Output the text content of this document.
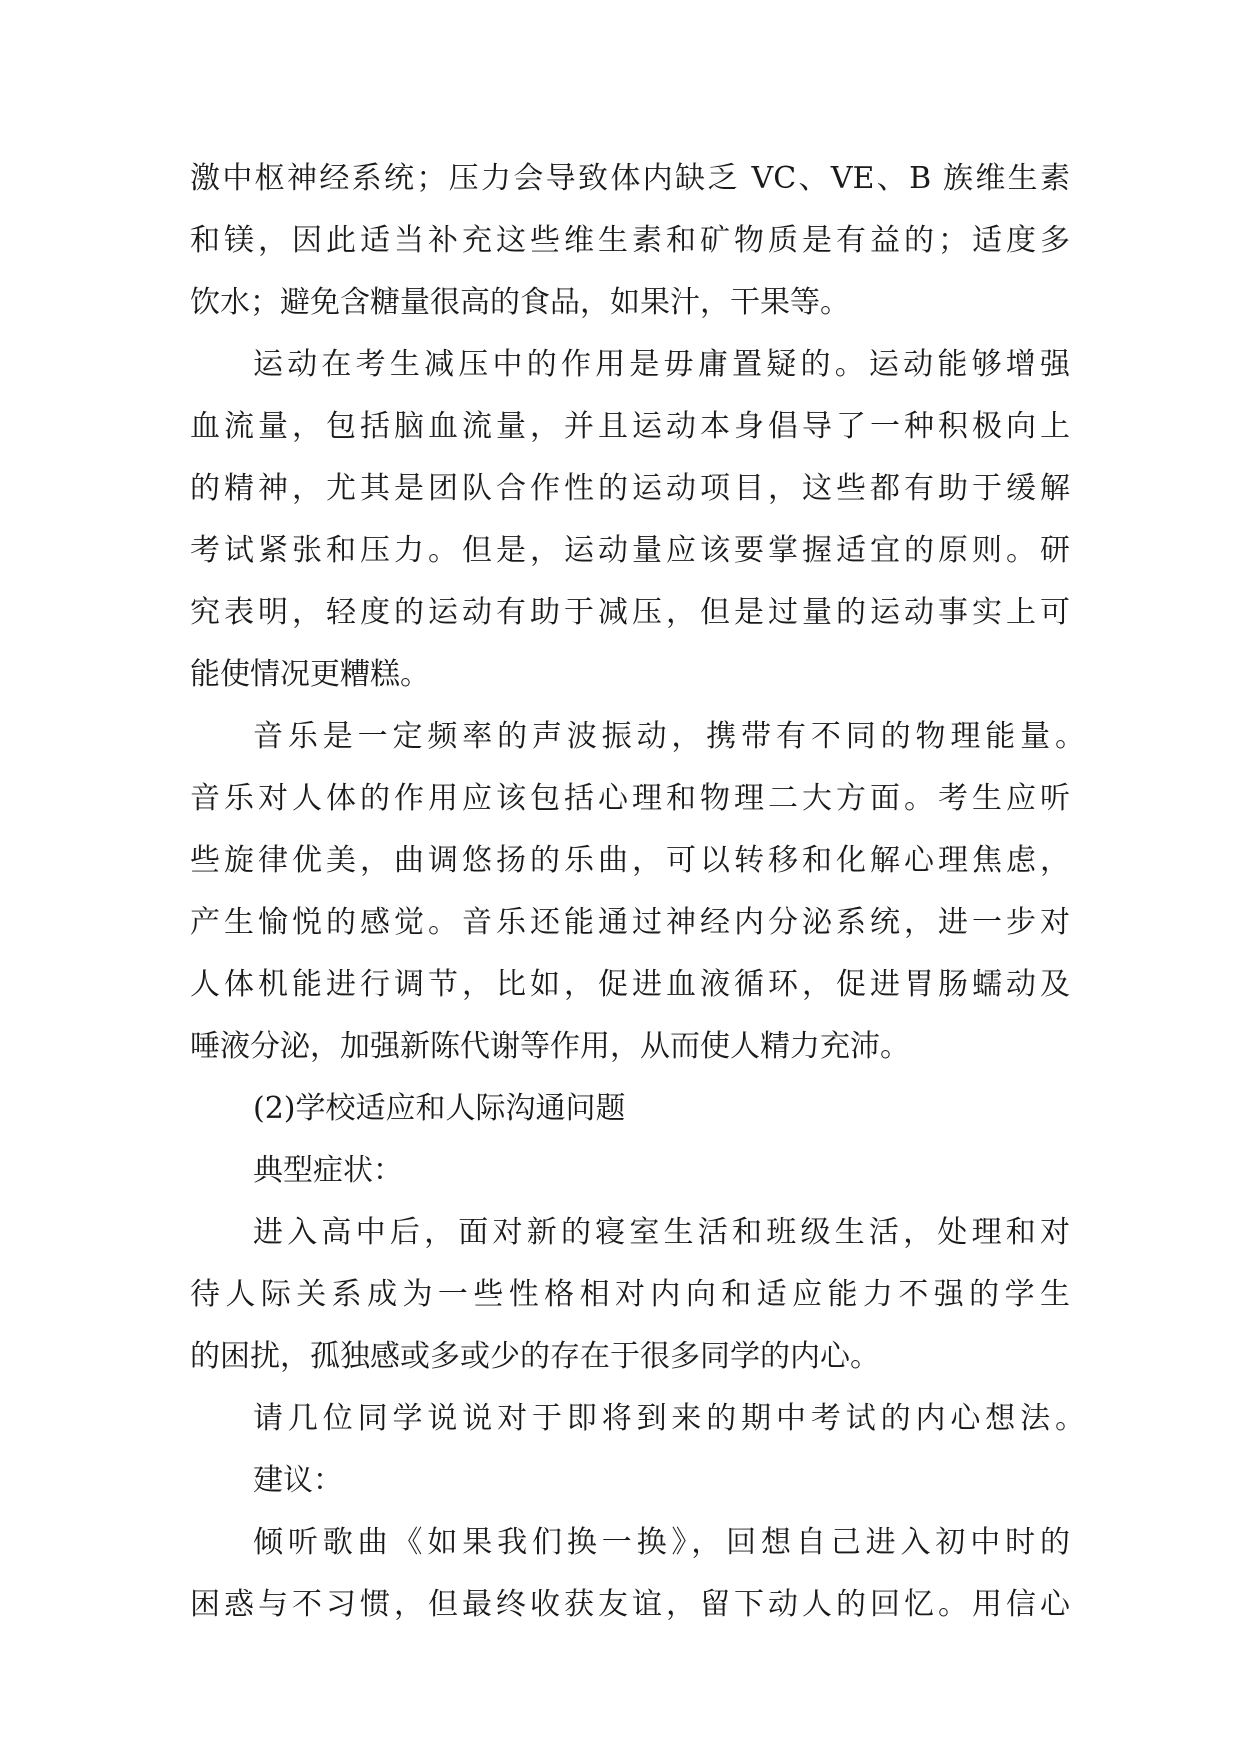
激中枢神经系统；压力会导致体内缺乏 VC、VE、B 族维生素
和镁，因此适当补充这些维生素和矿物质是有益的；适度多
饮水；避免含糖量很高的食品，如果汁，干果等。
运动在考生减压中的作用是毋庸置疑的。运动能够增强
血流量，包括脑血流量，并且运动本身倡导了一种积极向上
的精神，尤其是团队合作性的运动项目，这些都有助于缓解
考试紧张和压力。但是，运动量应该要掌握适宜的原则。研
究表明，轻度的运动有助于减压，但是过量的运动事实上可
能使情况更糟糕。
音乐是一定频率的声波振动，携带有不同的物理能量。
音乐对人体的作用应该包括心理和物理二大方面。考生应听
些旋律优美，曲调悠扬的乐曲，可以转移和化解心理焦虑，
产生愉悦的感觉。音乐还能通过神经内分泌系统，进一步对
人体机能进行调节，比如，促进血液循环，促进胃肠蠕动及
唾液分泌，加强新陈代谢等作用，从而使人精力充沛。
(2)学校适应和人际沟通问题
典型症状：
进入高中后，面对新的寝室生活和班级生活，处理和对
待人际关系成为一些性格相对内向和适应能力不强的学生
的困扰，孤独感或多或少的存在于很多同学的内心。
请几位同学说说对于即将到来的期中考试的内心想法。
建议：
倾听歌曲《如果我们换一换》，回想自己进入初中时的
困惑与不习惯，但最终收获友谊，留下动人的回忆。用信心
